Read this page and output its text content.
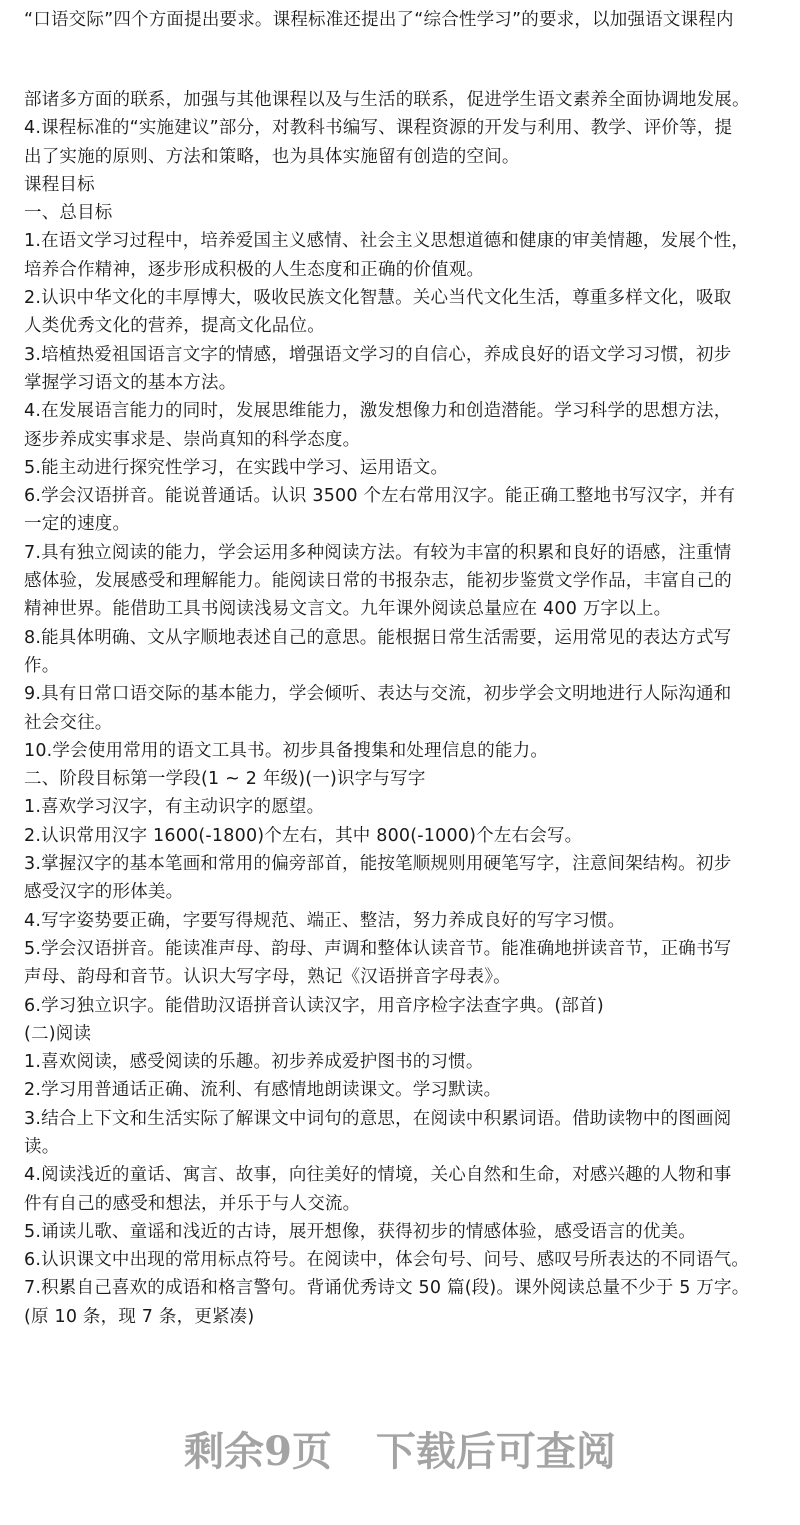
“口语交际”四个方面提出要求。课程标准还提出了“综合性学习”的要求，以加强语文课程内
部诸多方面的联系，加强与其他课程以及与生活的联系，促进学生语文素养全面协调地发展。
4.课程标准的“实施建议”部分，对教科书编写、课程资源的开发与利用、教学、评价等，提
出了实施的原则、方法和策略，也为具体实施留有创造的空间。
课程目标
一、总目标
1.在语文学习过程中，培养爱国主义感情、社会主义思想道德和健康的审美情趣，发展个性，
培养合作精神，逐步形成积极的人生态度和正确的价值观。
2.认识中华文化的丰厚博大，吸收民族文化智慧。关心当代文化生活，尊重多样文化，吸取
人类优秀文化的营养，提高文化品位。
3.培植热爱祖国语言文字的情感，增强语文学习的自信心，养成良好的语文学习习惯，初步
掌握学习语文的基本方法。
4.在发展语言能力的同时，发展思维能力，激发想像力和创造潜能。学习科学的思想方法，
逐步养成实事求是、崇尚真知的科学态度。
5.能主动进行探究性学习，在实践中学习、运用语文。
6.学会汉语拼音。能说普通话。认识 3500 个左右常用汉字。能正确工整地书写汉字，并有
一定的速度。
7.具有独立阅读的能力，学会运用多种阅读方法。有较为丰富的积累和良好的语感，注重情
感体验，发展感受和理解能力。能阅读日常的书报杂志，能初步鉴赏文学作品，丰富自己的
精神世界。能借助工具书阅读浅易文言文。九年课外阅读总量应在 400 万字以上。
8.能具体明确、文从字顺地表述自己的意思。能根据日常生活需要，运用常见的表达方式写
作。
9.具有日常口语交际的基本能力，学会倾听、表达与交流，初步学会文明地进行人际沟通和
社会交往。
10.学会使用常用的语文工具书。初步具备搜集和处理信息的能力。
二、阶段目标第一学段(1 ~ 2 年级)(一)识字与写字
1.喜欢学习汉字，有主动识字的愿望。
2.认识常用汉字 1600(-1800)个左右，其中 800(-1000)个左右会写。
3.掌握汉字的基本笔画和常用的偏旁部首，能按笔顺规则用硬笔写字，注意间架结构。初步
感受汉字的形体美。
4.写字姿势要正确，字要写得规范、端正、整洁，努力养成良好的写字习惯。
5.学会汉语拼音。能读准声母、韵母、声调和整体认读音节。能准确地拼读音节，正确书写
声母、韵母和音节。认识大写字母，熟记《汉语拼音字母表》。
6.学习独立识字。能借助汉语拼音认读汉字，用音序检字法查字典。(部首)
(二)阅读
1.喜欢阅读，感受阅读的乐趣。初步养成爱护图书的习惯。
2.学习用普通话正确、流利、有感情地朗读课文。学习默读。
3.结合上下文和生活实际了解课文中词句的意思，在阅读中积累词语。借助读物中的图画阅
读。
4.阅读浅近的童话、寓言、故事，向往美好的情境，关心自然和生命，对感兴趣的人物和事
件有自己的感受和想法，并乐于与人交流。
5.诵读儿歌、童谣和浅近的古诗，展开想像，获得初步的情感体验，感受语言的优美。
6.认识课文中出现的常用标点符号。在阅读中，体会句号、问号、感叹号所表达的不同语气。
7.积累自己喜欢的成语和格言警句。背诵优秀诗文 50 篇(段)。课外阅读总量不少于 5 万字。
(原 10 条，现 7 条，更紧凑)
剩余9页 下载后可查阅
